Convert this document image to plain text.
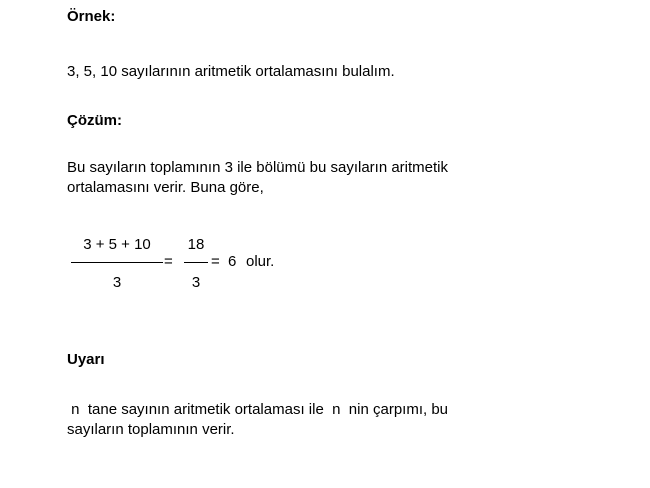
Örnek:
3, 5, 10 sayılarının aritmetik ortalamasını bulalım.
Çözüm:
Bu sayıların toplamının 3 ile bölümü bu sayıların aritmetik
ortalamasını verir. Buna göre,
3 + 5 + 10
3
=
18
3
= 6 olur.
Uyarı
n  tane sayının aritmetik ortalaması ile  n  nin çarpımı, bu
sayıların toplamının verir.
